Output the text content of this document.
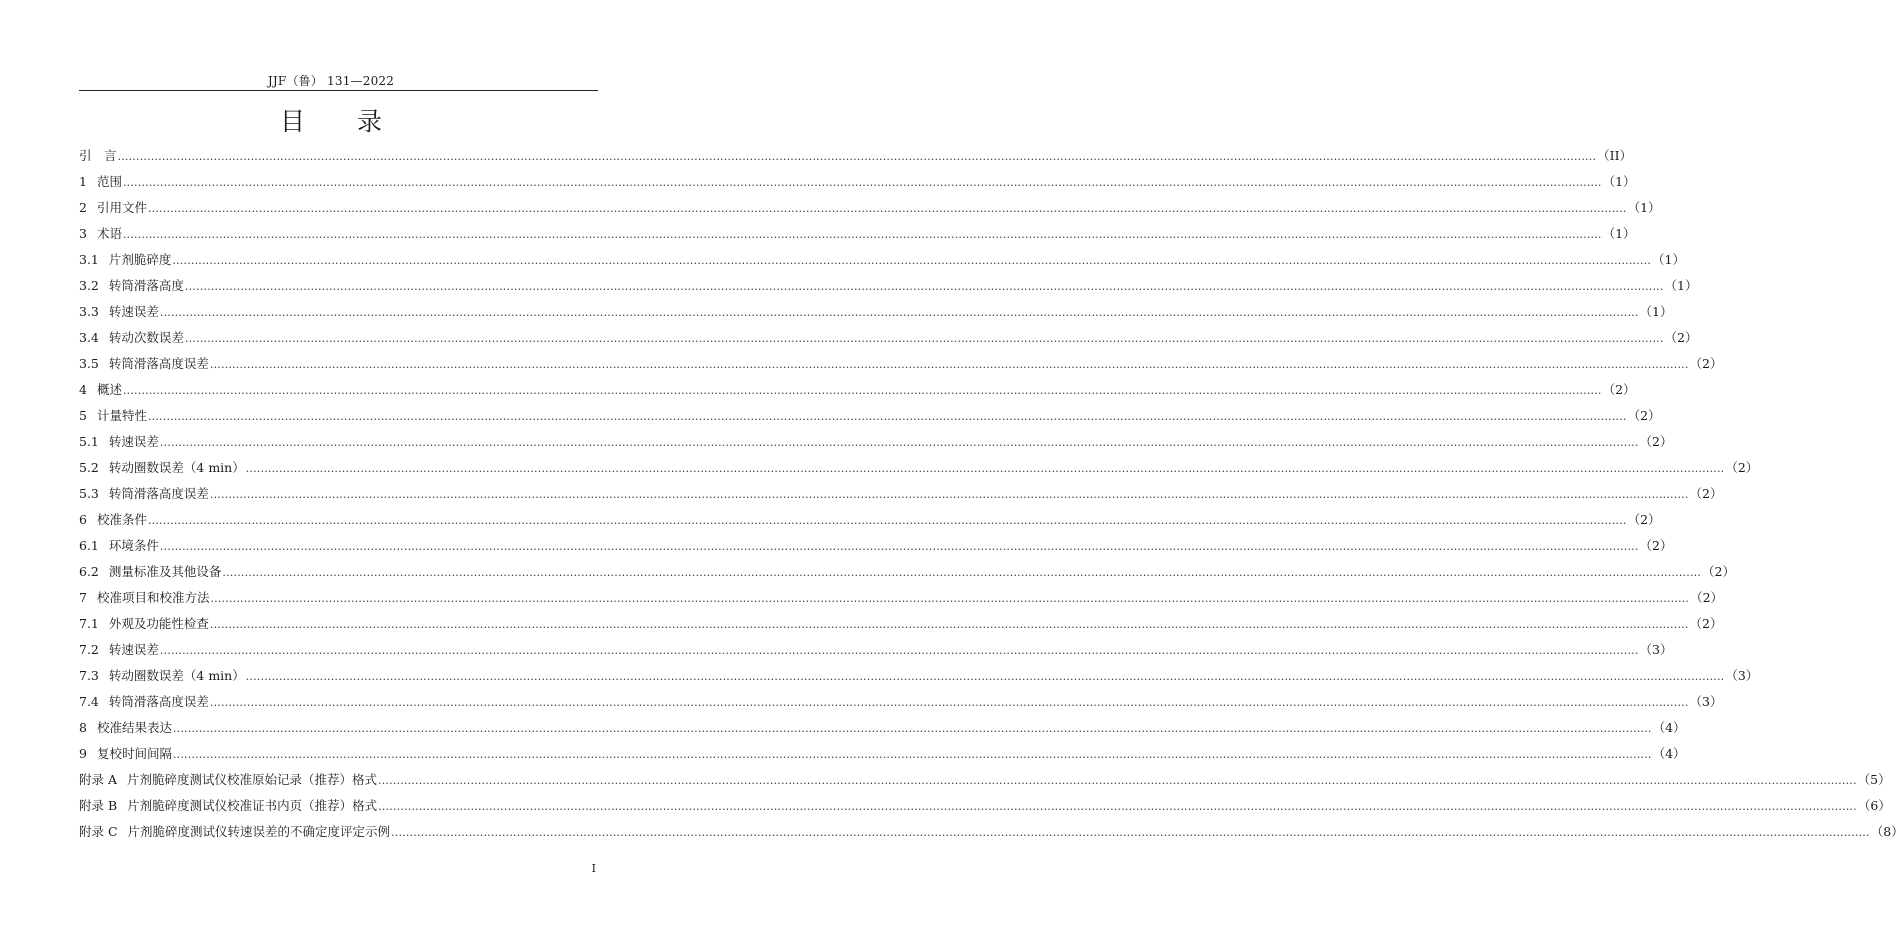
JJF（鲁） 131—2022
目 录
引　言 ................................................................................................................................................................................................................................................................................................................................................................................................................ （II）
1 范围 ................................................................................................................................................................................................................................................................................................................................................................................................................ （1）
2 引用文件 ................................................................................................................................................................................................................................................................................................................................................................................................................ （1）
3 术语 ................................................................................................................................................................................................................................................................................................................................................................................................................ （1）
3.1 片剂脆碎度 ................................................................................................................................................................................................................................................................................................................................................................................................................ （1）
3.2 转筒滑落高度 ................................................................................................................................................................................................................................................................................................................................................................................................................ （1）
3.3 转速误差 ................................................................................................................................................................................................................................................................................................................................................................................................................ （1）
3.4 转动次数误差 ................................................................................................................................................................................................................................................................................................................................................................................................................ （2）
3.5 转筒滑落高度误差 ................................................................................................................................................................................................................................................................................................................................................................................................................ （2）
4 概述 ................................................................................................................................................................................................................................................................................................................................................................................................................ （2）
5 计量特性 ................................................................................................................................................................................................................................................................................................................................................................................................................ （2）
5.1 转速误差 ................................................................................................................................................................................................................................................................................................................................................................................................................ （2）
5.2 转动圈数误差（4 min） ................................................................................................................................................................................................................................................................................................................................................................................................................ （2）
5.3 转筒滑落高度误差 ................................................................................................................................................................................................................................................................................................................................................................................................................ （2）
6 校准条件 ................................................................................................................................................................................................................................................................................................................................................................................................................ （2）
6.1 环境条件 ................................................................................................................................................................................................................................................................................................................................................................................................................ （2）
6.2 测量标准及其他设备 ................................................................................................................................................................................................................................................................................................................................................................................................................ （2）
7 校准项目和校准方法 ................................................................................................................................................................................................................................................................................................................................................................................................................ （2）
7.1 外观及功能性检查 ................................................................................................................................................................................................................................................................................................................................................................................................................ （2）
7.2 转速误差 ................................................................................................................................................................................................................................................................................................................................................................................................................ （3）
7.3 转动圈数误差（4 min） ................................................................................................................................................................................................................................................................................................................................................................................................................ （3）
7.4 转筒滑落高度误差 ................................................................................................................................................................................................................................................................................................................................................................................................................ （3）
8 校准结果表达 ................................................................................................................................................................................................................................................................................................................................................................................................................ （4）
9 复校时间间隔 ................................................................................................................................................................................................................................................................................................................................................................................................................ （4）
附录 A 片剂脆碎度测试仪校准原始记录（推荐）格式 ................................................................................................................................................................................................................................................................................................................................................................................................................ （5）
附录 B 片剂脆碎度测试仪校准证书内页（推荐）格式 ................................................................................................................................................................................................................................................................................................................................................................................................................ （6）
附录 C 片剂脆碎度测试仪转速误差的不确定度评定示例 ................................................................................................................................................................................................................................................................................................................................................................................................................ （8）
I
